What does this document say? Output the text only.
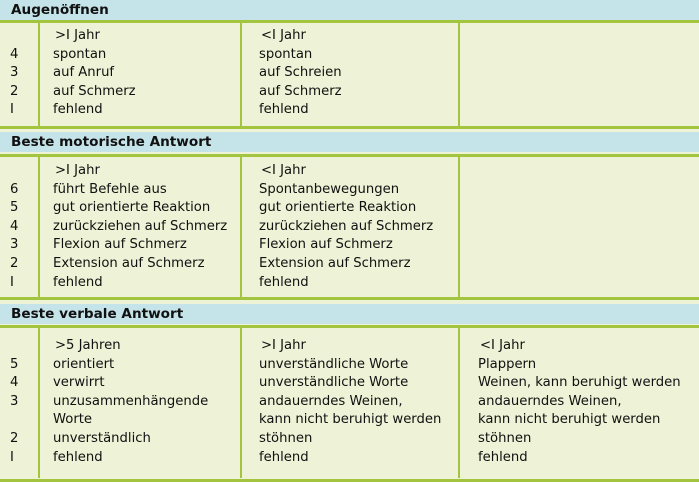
Augenöffnen
4
3
2
I
>I Jahr
spontan
auf Anruf
auf Schmerz
fehlend
<I Jahr
spontan
auf Schreien
auf Schmerz
fehlend
Beste motorische Antwort
6
5
4
3
2
I
>I Jahr
führt Befehle aus
gut orientierte Reaktion
zurückziehen auf Schmerz
Flexion auf Schmerz
Extension auf Schmerz
fehlend
<I Jahr
Spontanbewegungen
gut orientierte Reaktion
zurückziehen auf Schmerz
Flexion auf Schmerz
Extension auf Schmerz
fehlend
Beste verbale Antwort
5
4
3
2
I
>5 Jahren
orientiert
verwirrt
unzusammenhängende
Worte
unverständlich
fehlend
>I Jahr
unverständliche Worte
unverständliche Worte
andauerndes Weinen,
kann nicht beruhigt werden
stöhnen
fehlend
<I Jahr
Plappern
Weinen, kann beruhigt werden
andauerndes Weinen,
kann nicht beruhigt werden
stöhnen
fehlend
